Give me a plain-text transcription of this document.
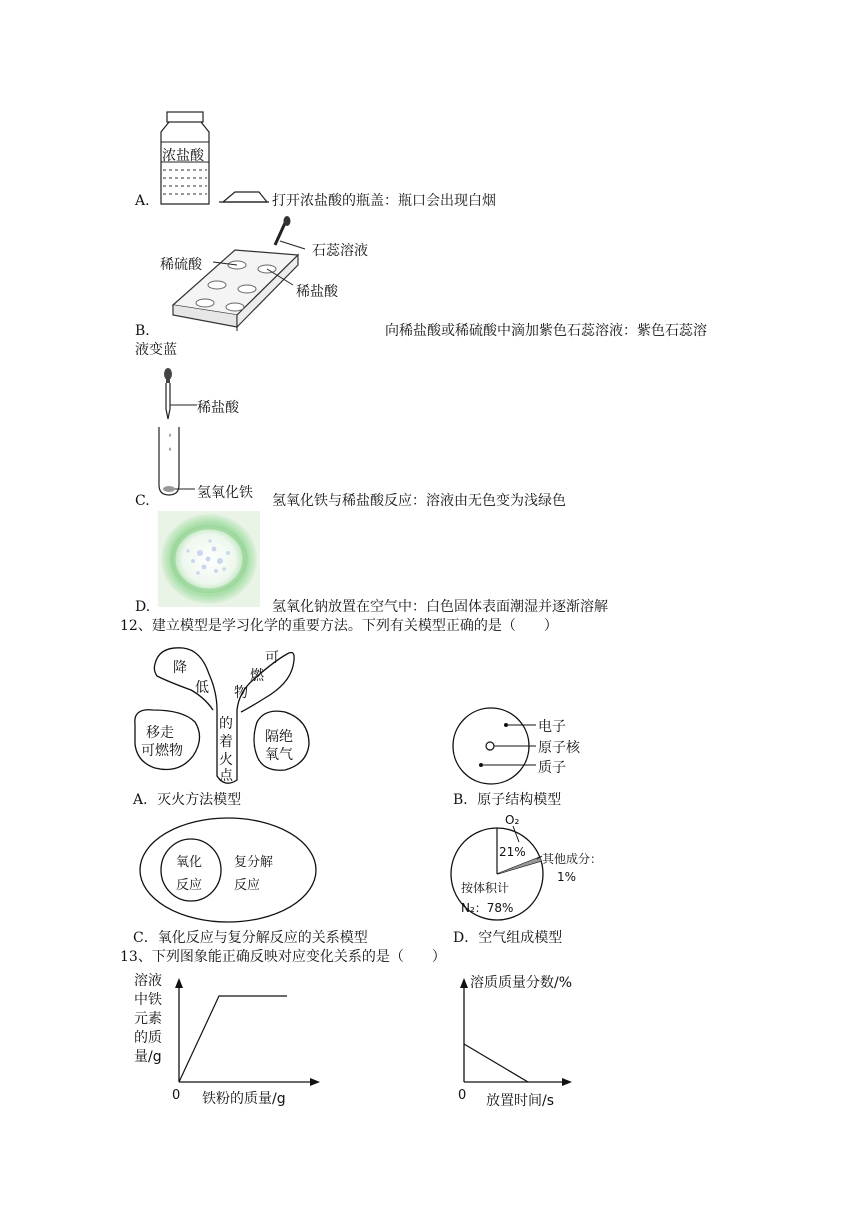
浓盐酸
A.	打开浓盐酸的瓶盖：瓶口会出现白烟
稀硫酸
石蕊溶液
稀盐酸
B.	向稀盐酸或稀硫酸中滴加紫色石蕊溶液：紫色石蕊溶
液变蓝
稀盐酸
氢氧化铁
C.	氢氧化铁与稀盐酸反应：溶液由无色变为浅绿色
D.	氢氧化钠放置在空气中：白色固体表面潮湿并逐渐溶解
12、建立模型是学习化学的重要方法。下列有关模型正确的是（　　）
降
低
可
燃
物
的
着
火
点
移走
可燃物
隔绝
氧气
电子
原子核
质子
A．灭火方法模型	B．原子结构模型
氧化
反应
复分解
反应
O₂
21% 其他成分：
1%
按体积计
N₂：78%
C．氧化反应与复分解反应的关系模型	D．空气组成模型
13、下列图象能正确反映对应变化关系的是（　　）
溶液
中铁
元素
的质
量/g
0 铁粉的质量/g
溶质质量分数/%
0 放置时间/s
